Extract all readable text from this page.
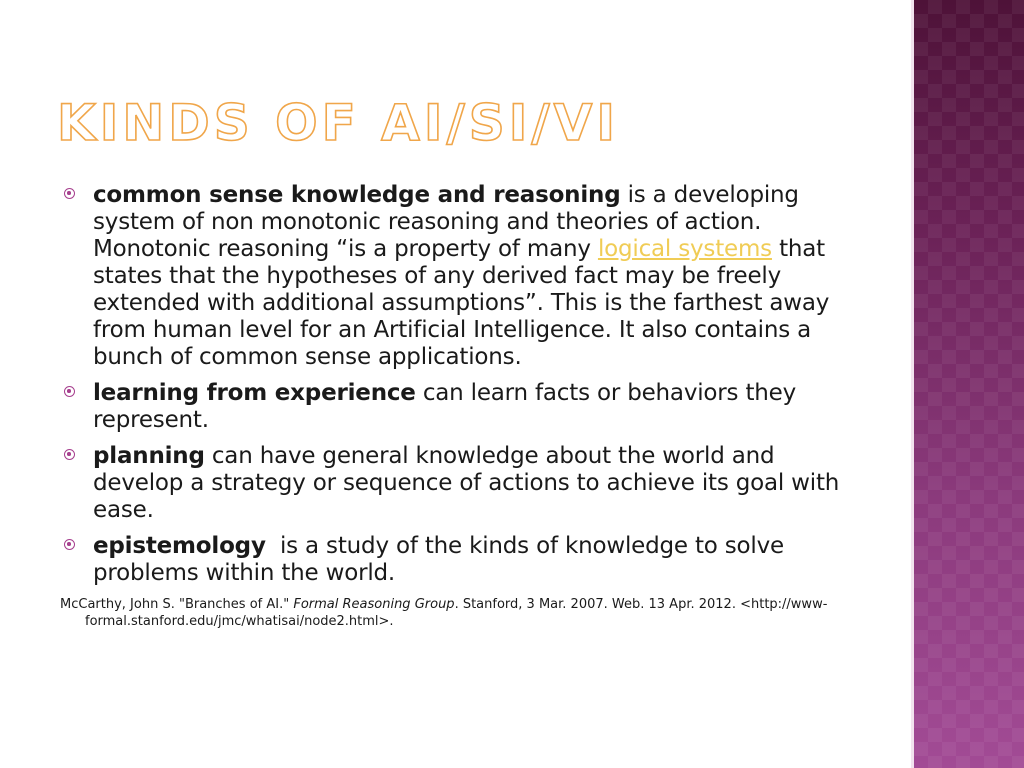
KINDS OF AI/SI/VI
common sense knowledge and reasoning is a developing system of non monotonic reasoning and theories of action. Monotonic reasoning “is a property of many logical systems that states that the hypotheses of any derived fact may be freely extended with additional assumptions”. This is the farthest away from human level for an Artificial Intelligence. It also contains a bunch of common sense applications.
learning from experience can learn facts or behaviors they represent.
planning can have general knowledge about the world and develop a strategy or sequence of actions to achieve its goal with ease.
epistemology  is a study of the kinds of knowledge to solve problems within the world.
McCarthy, John S. "Branches of AI." Formal Reasoning Group. Stanford, 3 Mar. 2007. Web. 13 Apr. 2012. <http://www-formal.stanford.edu/jmc/whatisai/node2.html>.
